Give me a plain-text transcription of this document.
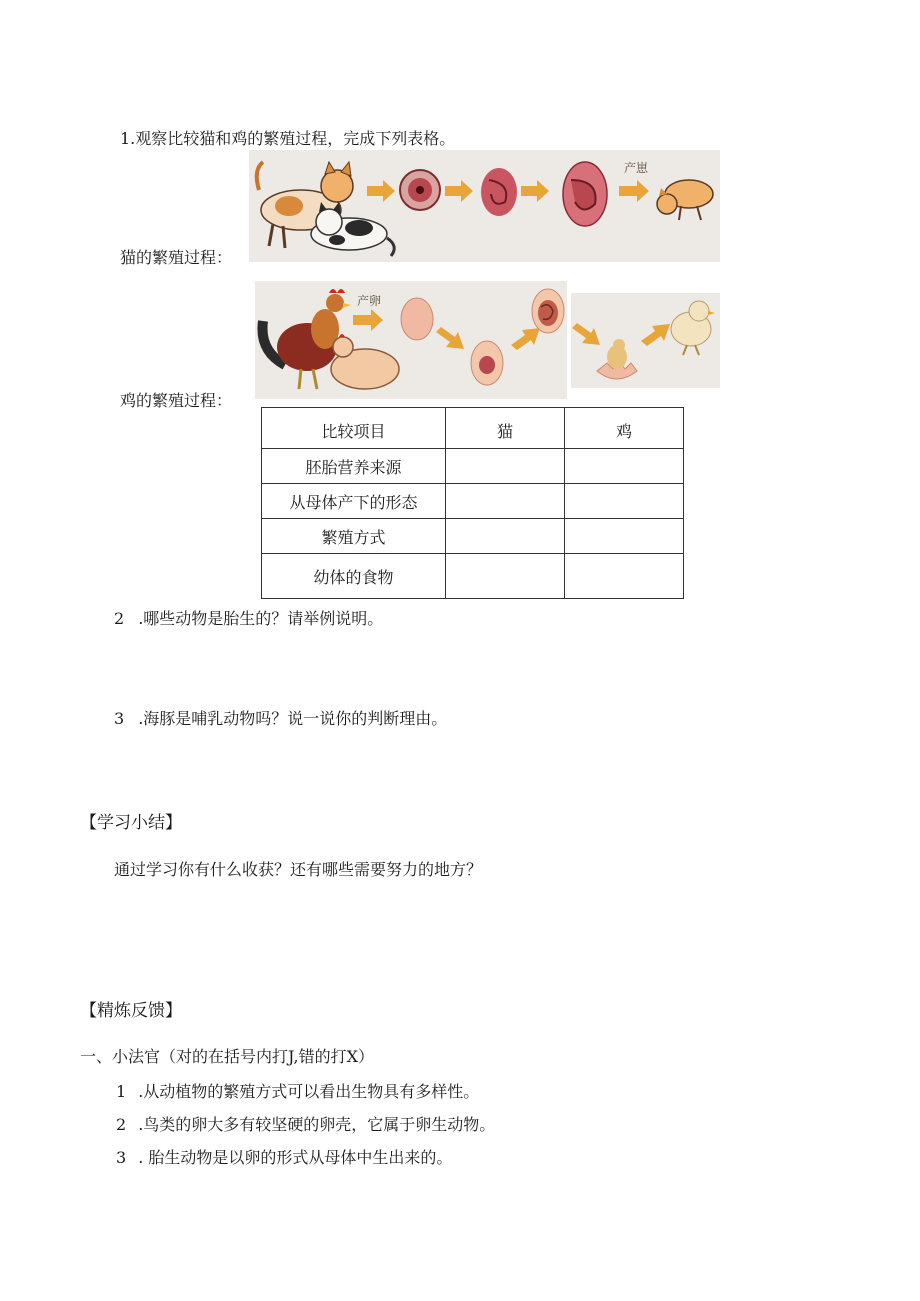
1.观察比较猫和鸡的繁殖过程，完成下列表格。
产崽
猫的繁殖过程：
产卵
鸡的繁殖过程：
比较项目	猫	鸡
胚胎营养来源		
从母体产下的形态		
繁殖方式		
幼体的食物		
2 .哪些动物是胎生的？请举例说明。
3 .海豚是哺乳动物吗？说一说你的判断理由。
【学习小结】
通过学习你有什么收获？还有哪些需要努力的地方？
【精炼反馈】
一、小法官（对的在括号内打J,错的打X）
1 .从动植物的繁殖方式可以看出生物具有多样性。
2 .鸟类的卵大多有较坚硬的卵壳，它属于卵生动物。
3 . 胎生动物是以卵的形式从母体中生出来的。
